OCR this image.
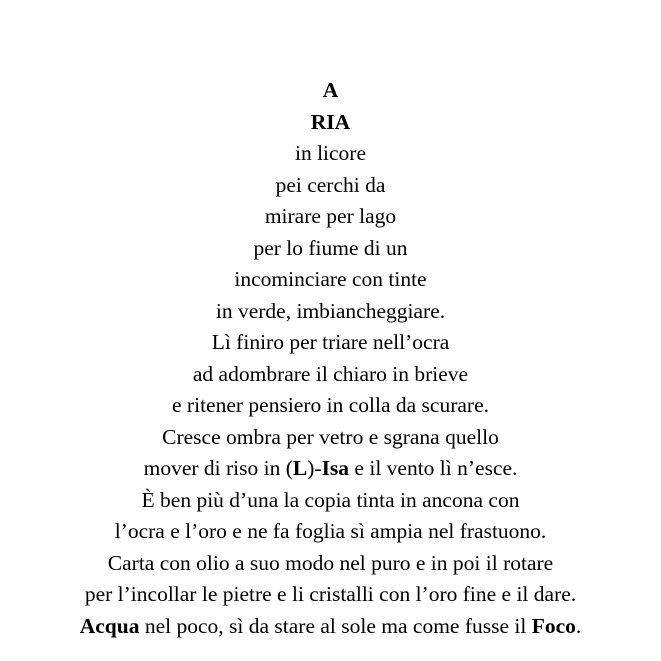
A
RIA
in licore
pei cerchi da
mirare per lago
per lo fiume di un
incominciare con tinte
in verde, imbiancheggiare.
Lì finiro per triare nell’ocra
ad adombrare il chiaro in brieve
e ritener pensiero in colla da scurare.
Cresce ombra per vetro e sgrana quello
mover di riso in (L)-Isa e il vento lì n’esce.
È ben più d’una la copia tinta in ancona con
l’ocra e l’oro e ne fa foglia sì ampia nel frastuono.
Carta con olio a suo modo nel puro e in poi il rotare
per l’incollar le pietre e li cristalli con l’oro fine e il dare.
Acqua nel poco, sì da stare al sole ma come fusse il Foco.
